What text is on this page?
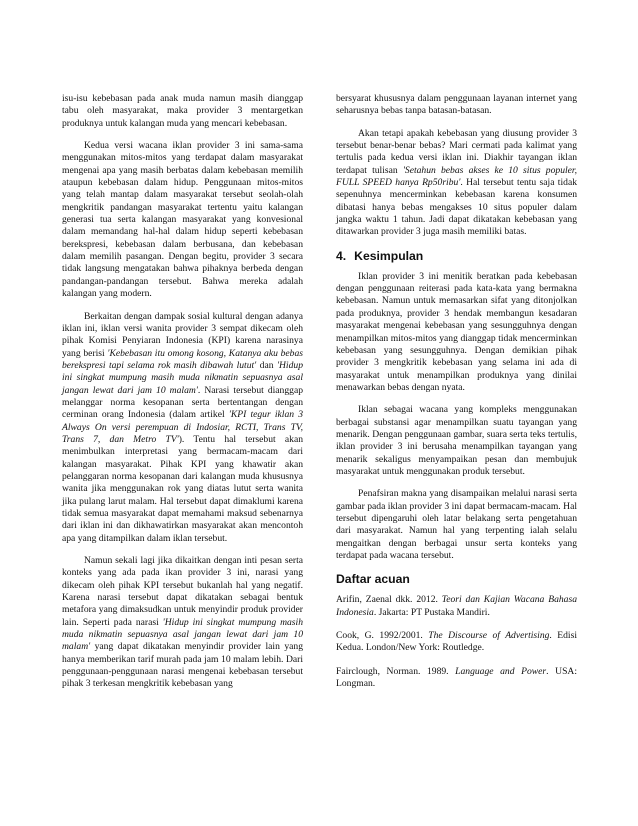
isu-isu kebebasan pada anak muda namun masih dianggap tabu oleh masyarakat, maka provider 3 mentargetkan produknya untuk kalangan muda yang mencari kebebasan.

Kedua versi wacana iklan provider 3 ini sama-sama menggunakan mitos-mitos yang terdapat dalam masyarakat mengenai apa yang masih berbatas dalam kebebasan memilih ataupun kebebasan dalam hidup. Penggunaan mitos-mitos yang telah mantap dalam masyarakat tersebut seolah-olah mengkritik pandangan masyarakat tertentu yaitu kalangan generasi tua serta kalangan masyarakat yang konvesional dalam memandang hal-hal dalam hidup seperti kebebasan berekspresi, kebebasan dalam berbusana, dan kebebasan dalam memilih pasangan. Dengan begitu, provider 3 secara tidak langsung mengatakan bahwa pihaknya berbeda dengan pandangan-pandangan tersebut. Bahwa mereka adalah kalangan yang modern.

Berkaitan dengan dampak sosial kultural dengan adanya iklan ini, iklan versi wanita provider 3 sempat dikecam oleh pihak Komisi Penyiaran Indonesia (KPI) karena narasinya yang berisi 'Kebebasan itu omong kosong, Katanya aku bebas berekspresi tapi selama rok masih dibawah lutut' dan 'Hidup ini singkat mumpung masih muda nikmatin sepuasnya asal jangan lewat dari jam 10 malam'. Narasi tersebut dianggap melanggar norma kesopanan serta bertentangan dengan cerminan orang Indonesia (dalam artikel 'KPI tegur iklan 3 Always On versi perempuan di Indosiar, RCTI, Trans TV, Trans 7, dan Metro TV'). Tentu hal tersebut akan menimbulkan interpretasi yang bermacam-macam dari kalangan masyarakat. Pihak KPI yang khawatir akan pelanggaran norma kesopanan dari kalangan muda khususnya wanita jika menggunakan rok yang diatas lutut serta wanita jika pulang larut malam. Hal tersebut dapat dimaklumi karena tidak semua masyarakat dapat memahami maksud sebenarnya dari iklan ini dan dikhawatirkan masyarakat akan mencontoh apa yang ditampilkan dalam iklan tersebut.

Namun sekali lagi jika dikaitkan dengan inti pesan serta konteks yang ada pada ikan provider 3 ini, narasi yang dikecam oleh pihak KPI tersebut bukanlah hal yang negatif. Karena narasi tersebut dapat dikatakan sebagai bentuk metafora yang dimaksudkan untuk menyindir produk provider lain. Seperti pada narasi 'Hidup ini singkat mumpung masih muda nikmatin sepuasnya asal jangan lewat dari jam 10 malam' yang dapat dikatakan menyindir provider lain yang hanya memberikan tarif murah pada jam 10 malam lebih. Dari penggunaan-penggunaan narasi mengenai kebebasan tersebut pihak 3 terkesan mengkritik kebebasan yang

bersyarat khususnya dalam penggunaan layanan internet yang seharusnya bebas tanpa batasan-batasan.

Akan tetapi apakah kebebasan yang diusung provider 3 tersebut benar-benar bebas? Mari cermati pada kalimat yang tertulis pada kedua versi iklan ini. Diakhir tayangan iklan terdapat tulisan 'Setahun bebas akses ke 10 situs populer, FULL SPEED hanya Rp50ribu'. Hal tersebut tentu saja tidak sepenuhnya mencerminkan kebebasan karena konsumen dibatasi hanya bebas mengakses 10 situs populer dalam jangka waktu 1 tahun. Jadi dapat dikatakan kebebasan yang ditawarkan provider 3 juga masih memiliki batas.

4. Kesimpulan

Iklan provider 3 ini menitik beratkan pada kebebasan dengan penggunaan reiterasi pada kata-kata yang bermakna kebebasan. Namun untuk memasarkan sifat yang ditonjolkan pada produknya, provider 3 hendak membangun kesadaran masyarakat mengenai kebebasan yang sesungguhnya dengan menampilkan mitos-mitos yang dianggap tidak mencerminkan kebebasan yang sesungguhnya. Dengan demikian pihak provider 3 mengkritik kebebasan yang selama ini ada di masyarakat untuk menampilkan produknya yang dinilai menawarkan bebas dengan nyata.

Iklan sebagai wacana yang kompleks menggunakan berbagai substansi agar menampilkan suatu tayangan yang menarik. Dengan penggunaan gambar, suara serta teks tertulis, iklan provider 3 ini berusaha menampilkan tayangan yang menarik sekaligus menyampaikan pesan dan membujuk masyarakat untuk menggunakan produk tersebut.

Penafsiran makna yang disampaikan melalui narasi serta gambar pada iklan provider 3 ini dapat bermacam-macam. Hal tersebut dipengaruhi oleh latar belakang serta pengetahuan dari masyarakat. Namun hal yang terpenting ialah selalu mengaitkan dengan berbagai unsur serta konteks yang terdapat pada wacana tersebut.

Daftar acuan

Arifin, Zaenal dkk. 2012. Teori dan Kajian Wacana Bahasa Indonesia. Jakarta: PT Pustaka Mandiri.

Cook, G. 1992/2001. The Discourse of Advertising. Edisi Kedua. London/New York: Routledge.

Fairclough, Norman. 1989. Language and Power. USA: Longman.
